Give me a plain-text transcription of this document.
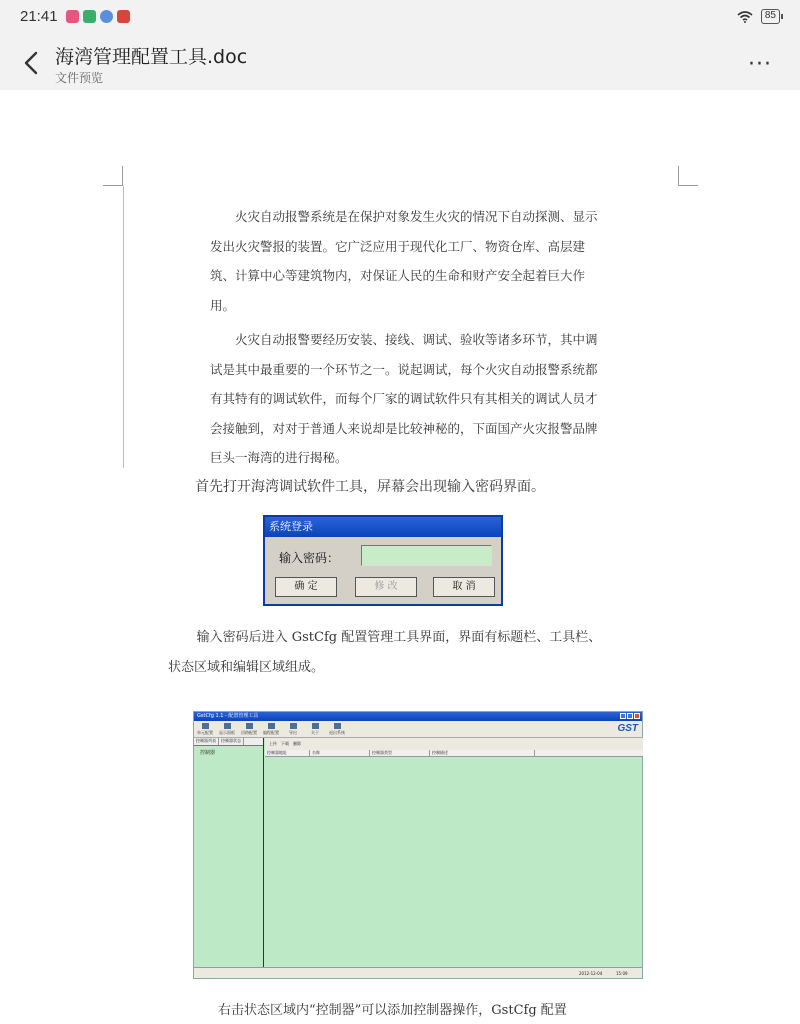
21:41	85
海湾管理配置工具.doc
文件预览
···

火灾自动报警系统是在保护对象发生火灾的情况下自动探测、显示发出火灾警报的装置。它广泛应用于现代化工厂、物资仓库、高层建筑、计算中心等建筑物内，对保证人民的生命和财产安全起着巨大作用。

火灾自动报警要经历安装、接线、调试、验收等诸多环节，其中调试是其中最重要的一个环节之一。说起调试，每个火灾自动报警系统都有其特有的调试软件，而每个厂家的调试软件只有其相关的调试人员才会接触到，对对于普通人来说却是比较神秘的，下面国产火灾报警品牌巨头一海湾的进行揭秘。

首先打开海湾调试软件工具，屏幕会出现输入密码界面。

系统登录
输入密码：
确 定	修 改	取 消

输入密码后进入 GstCfg 配置管理工具界面，界面有标题栏、工具栏、状态区域和编辑区域组成。

GstCfg 1.1 - 配置管理工具
单元配置 显示面板 回路配置 编程配置	导出	关于	退出系统	GST
控制器列表	控制器状态
控制器
上传 下载 删除
控制器地址	名称	控制器类型	控制描述
2012-12-04	15:09

右击状态区域内“控制器”可以添加控制器操作，GstCfg 配置
